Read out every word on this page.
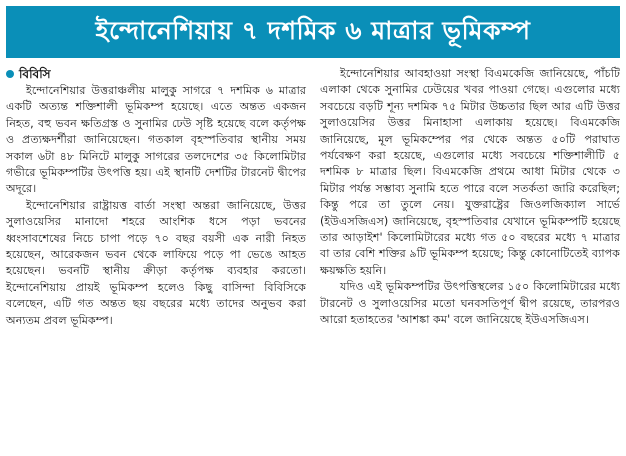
ইন্দোনেশিয়ায় ৭ দশমিক ৬ মাত্রার ভূমিকম্প
বিবিসি

ইন্দোনেশিয়ার উত্তরাঞ্চলীয় মালুকু সাগরে ৭ দশমিক ৬ মাত্রার একটি অত্যন্ত শক্তিশালী ভূমিকম্প হয়েছে। এতে অন্তত একজন নিহত, বহু ভবন ক্ষতিগ্রস্ত ও সুনামির ঢেউ সৃষ্টি হয়েছে বলে কর্তৃপক্ষ ও প্রত্যক্ষদর্শীরা জানিয়েছেন। গতকাল বৃহস্পতিবার স্থানীয় সময় সকাল ৬টা ৪৮ মিনিটে মালুকু সাগরের তলদেশের ৩৫ কিলোমিটার গভীরে ভূমিকম্পটির উৎপত্তি হয়। এই স্থানটি দেশটির টারনেট দ্বীপের অদূরে।

ইন্দোনেশিয়ার রাষ্ট্রায়ত্ত বার্তা সংস্থা অন্তরা জানিয়েছে, উত্তর সুলাওয়েসির মানাদো শহরে আংশিক ধসে পড়া ভবনের ধ্বংসাবশেষের নিচে চাপা পড়ে ৭০ বছর বয়সী এক নারী নিহত হয়েছেন, আরেকজন ভবন থেকে লাফিয়ে পড়ে পা ভেঙে আহত হয়েছেন। ভবনটি স্থানীয় ক্রীড়া কর্তৃপক্ষ ব্যবহার করতো। ইন্দোনেশিয়ায় প্রায়ই ভূমিকম্প হলেও কিছু বাসিন্দা বিবিসিকে বলেছেন, এটি গত অন্তত ছয় বছরের মধ্যে তাদের অনুভব করা অন্যতম প্রবল ভূমিকম্প।

ইন্দোনেশিয়ার আবহাওয়া সংস্থা বিএমকেজি জানিয়েছে, পাঁচটি এলাকা থেকে সুনামির ঢেউয়ের খবর পাওয়া গেছে। এগুলোর মধ্যে সবচেয়ে বড়টি শূন্য দশমিক ৭৫ মিটার উচ্চতার ছিল আর এটি উত্তর সুলাওয়েসির উত্তর মিনাহাসা এলাকায় হয়েছে। বিএমকেজি জানিয়েছে, মূল ভূমিকম্পের পর থেকে অন্তত ৫০টি পরাঘাত পর্যবেক্ষণ করা হয়েছে, এগুলোর মধ্যে সবচেয়ে শক্তিশালীটি ৫ দশমিক ৮ মাত্রার ছিল। বিএমকেজি প্রথমে আধা মিটার থেকে ৩ মিটার পর্যন্ত সম্ভাব্য সুনামি হতে পারে বলে সতর্কতা জারি করেছিল; কিন্তু পরে তা তুলে নেয়। যুক্তরাষ্ট্রের জিওলজিক্যাল সার্ভে (ইউএসজিএস) জানিয়েছে, বৃহস্পতিবার যেখানে ভূমিকম্পটি হয়েছে তার আড়াইশ' কিলোমিটারের মধ্যে গত ৫০ বছরের মধ্যে ৭ মাত্রার বা তার বেশি শক্তির ৯টি ভূমিকম্প হয়েছে; কিন্তু কোনোটিতেই ব্যাপক ক্ষয়ক্ষতি হয়নি।

যদিও এই ভূমিকম্পটির উৎপত্তিস্থলের ১৫০ কিলোমিটারের মধ্যে টারনেট ও সুলাওয়েসির মতো ঘনবসতিপূর্ণ দ্বীপ রয়েছে, তারপরও আরো হতাহতের 'আশঙ্কা কম' বলে জানিয়েছে ইউএসজিএস।
